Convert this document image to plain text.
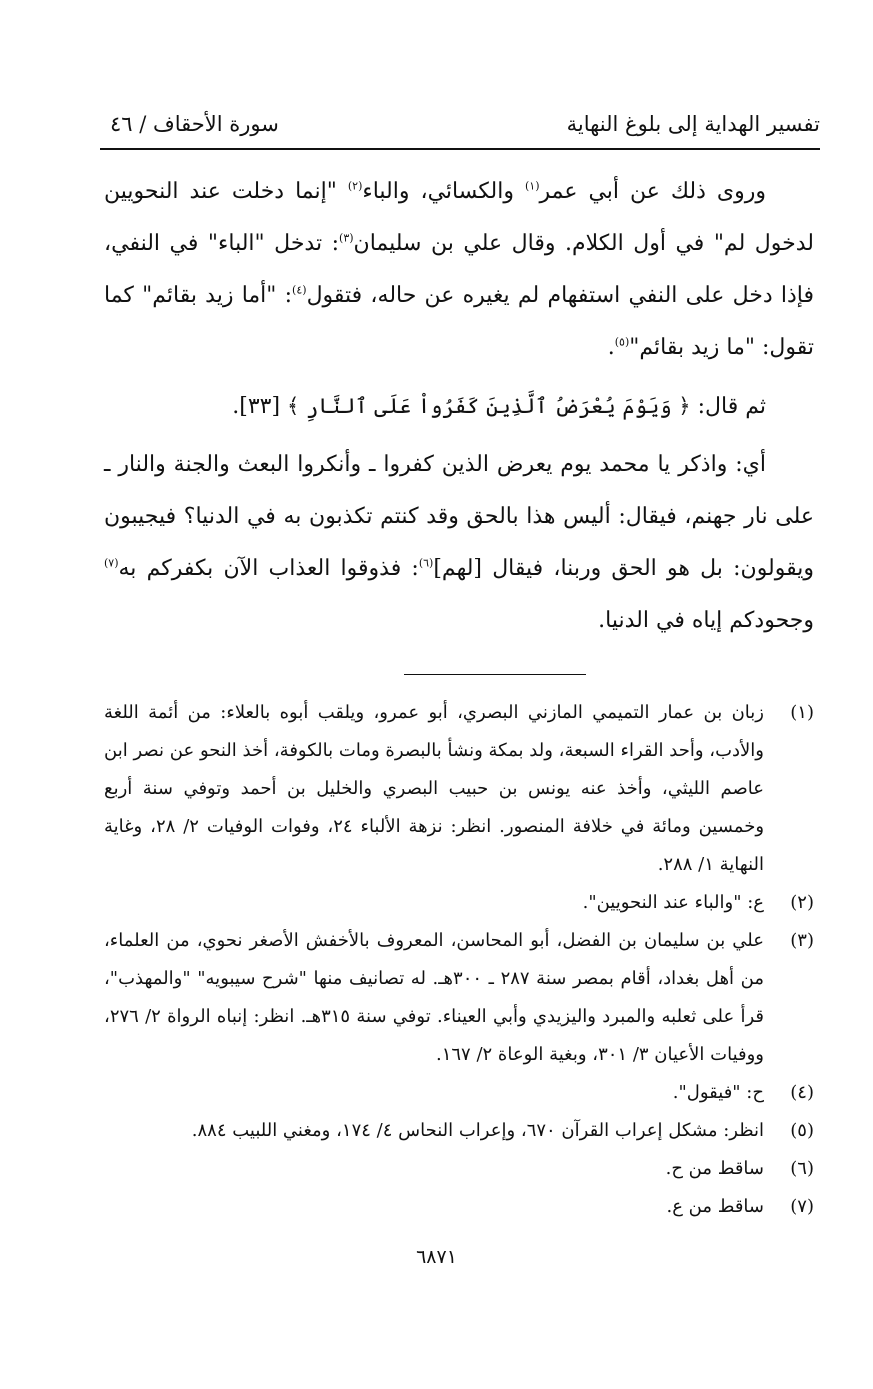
تفسير الهداية إلى بلوغ النهاية
سورة الأحقاف / ٤٦

وروى ذلك عن أبي عمر$^{(١)}$ والكسائي، والباء$^{(٢)}$ "إنما دخلت عند النحويين لدخول لم" في أول الكلام. وقال علي بن سليمان$^{(٣)}$: تدخل "الباء" في النفي، فإذا دخل على النفي استفهام لم يغيره عن حاله، فتقول$^{(٤)}$: "أما زيد بقائم" كما تقول: "ما زيد بقائم"$^{(٥)}$.

ثم قال: ﴿ وَيَوْمَ يُعْرَضُ ٱلَّذِينَ كَفَرُواْ عَلَى ٱلنَّارِ ﴾ [٣٣].

أي: واذكر يا محمد يوم يعرض الذين كفروا ـ وأنكروا البعث والجنة والنار ـ على نار جهنم، فيقال: أليس هذا بالحق وقد كنتم تكذبون به في الدنيا؟ فيجيبون ويقولون: بل هو الحق وربنا، فيقال [لهم]$^{(٦)}$: فذوقوا العذاب الآن بكفركم به$^{(٧)}$ وجحودكم إياه في الدنيا.

(١)
زبان بن عمار التميمي المازني البصري، أبو عمرو، ويلقب أبوه بالعلاء: من أئمة اللغة والأدب، وأحد القراء السبعة، ولد بمكة ونشأ بالبصرة ومات بالكوفة، أخذ النحو عن نصر ابن عاصم الليثي، وأخذ عنه يونس بن حبيب البصري والخليل بن أحمد وتوفي سنة أربع وخمسين ومائة في خلافة المنصور. انظر: نزهة الألباء ٢٤، وفوات الوفيات ٢/ ٢٨، وغاية النهاية ١/ ٢٨٨.
(٢)
ع: "والباء عند النحويين".
(٣)
علي بن سليمان بن الفضل، أبو المحاسن، المعروف بالأخفش الأصغر نحوي، من العلماء، من أهل بغداد، أقام بمصر سنة ٢٨٧ ـ ٣٠٠هـ. له تصانيف منها "شرح سيبويه" "والمهذب"، قرأ على ثعلبه والمبرد واليزيدي وأبي العيناء. توفي سنة ٣١٥هـ. انظر: إنباه الرواة ٢/ ٢٧٦، ووفيات الأعيان ٣/ ٣٠١، وبغية الوعاة ٢/ ١٦٧.
(٤)
ح: "فيقول".
(٥)
انظر: مشكل إعراب القرآن ٦٧٠، وإعراب النحاس ٤/ ١٧٤، ومغني اللبيب ٨٨٤.
(٦)
ساقط من ح.
(٧)
ساقط من ع.
٦٨٧١
